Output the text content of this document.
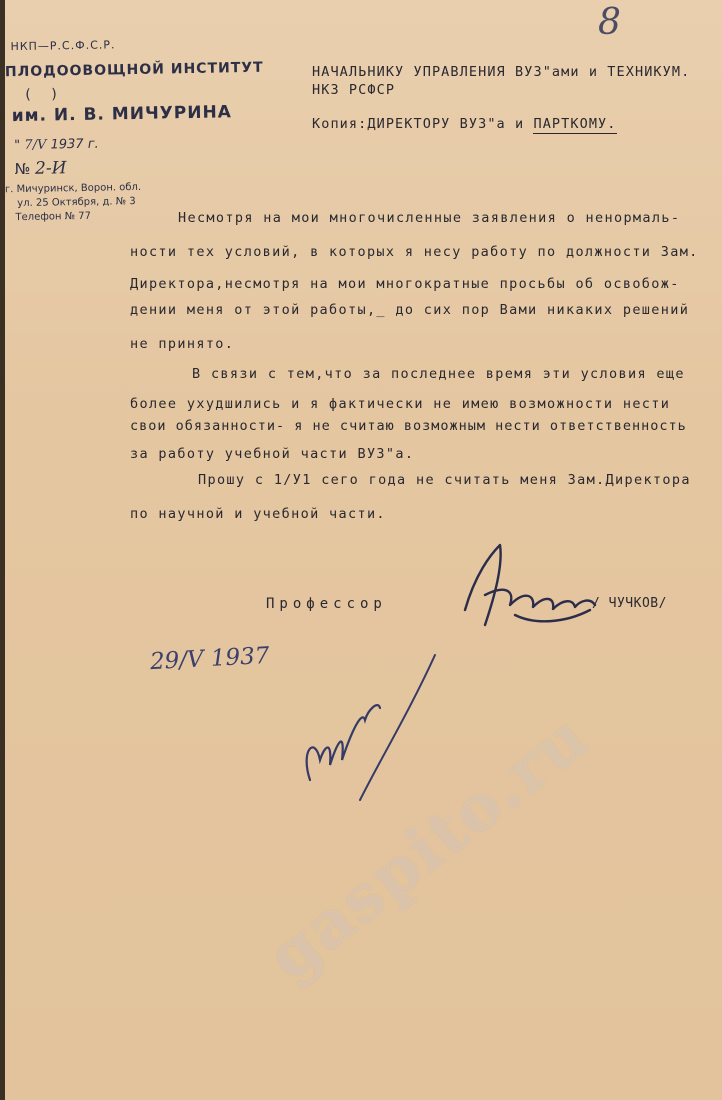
8
НКП—Р.С.Ф.С.Р.
ПЛОДООВОЩНОЙ ИНСТИТУТ
( )
им. И. В. МИЧУРИНА
" 7/V 1937 г.
№ 2-И
г. Мичуринск, Ворон. обл.
ул. 25 Октября, д. № 3
Телефон № 77
НАЧАЛЬНИКУ УПРАВЛЕНИЯ ВУЗ"ами и ТЕХНИКУМ.
НКЗ РСФСР
Копия:ДИРЕКТОРУ ВУЗ"а и ПАРТКОМУ.
Несмотря на мои многочисленные заявления о ненормаль-
ности тех условий, в которых я несу работу по должности Зам.
Директора,несмотря на мои многократные просьбы об освобож-
дении меня от этой работы,_ до сих пор Вами никаких решений
не принято.
В связи с тем,что за последнее время эти условия еще
более ухудшились и я фактически не имею возможности нести
свои обязанности- я не считаю возможным нести ответственность
за работу учебной части ВУЗ"а.
Прошу с 1/У1 сего года не считать меня Зам.Директора
по научной и учебной части.
Профессор	/ ЧУЧКОВ/
29/V 1937
gaspito.ru
